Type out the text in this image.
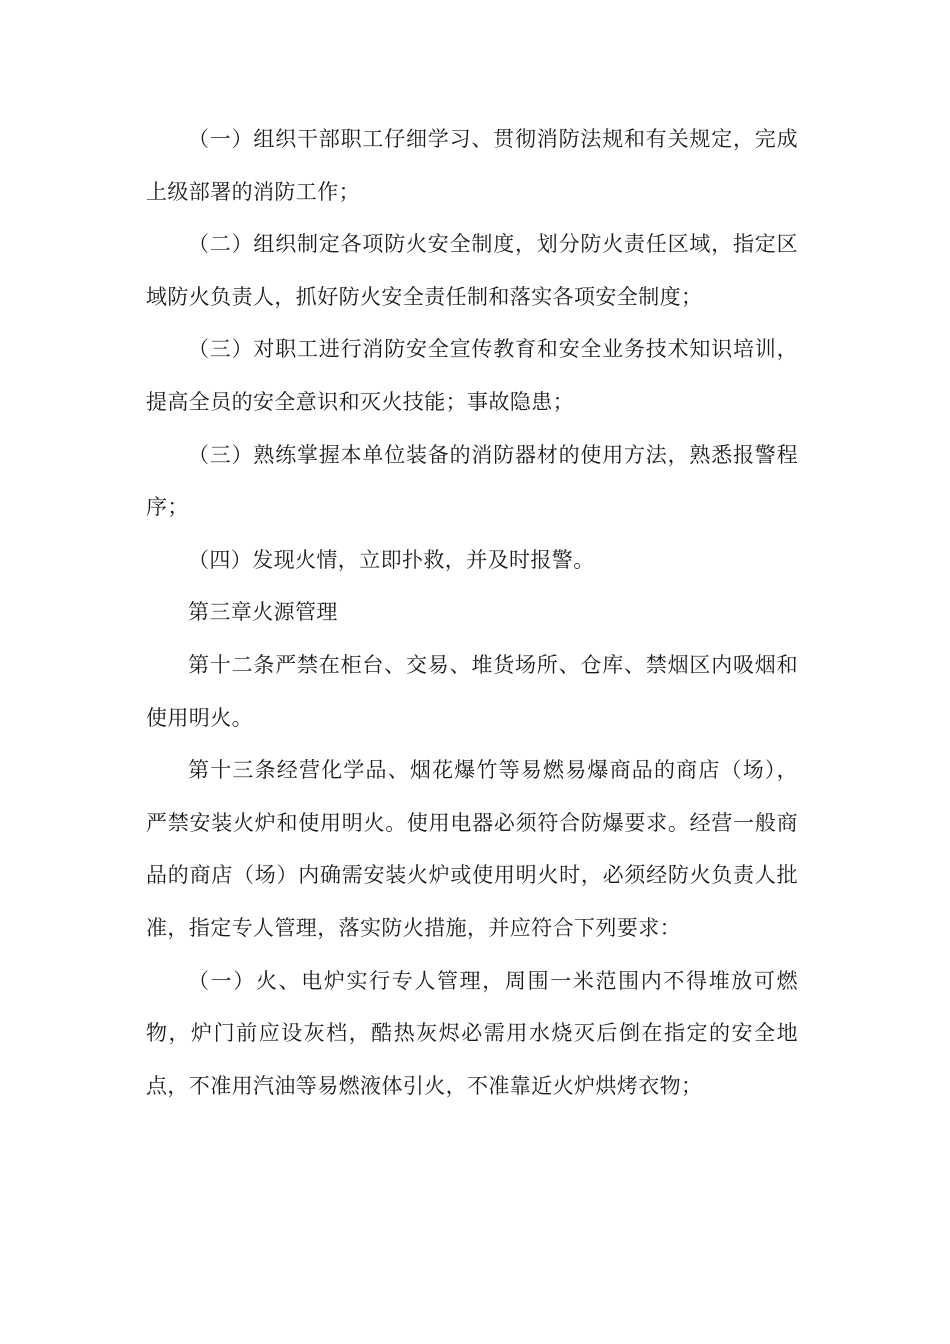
（一）组织干部职工仔细学习、贯彻消防法规和有关规定，完成上级部署的消防工作；

（二）组织制定各项防火安全制度，划分防火责任区域，指定区域防火负责人，抓好防火安全责任制和落实各项安全制度；

（三）对职工进行消防安全宣传教育和安全业务技术知识培训，提高全员的安全意识和灭火技能；事故隐患；

（三）熟练掌握本单位装备的消防器材的使用方法，熟悉报警程序；

（四）发现火情，立即扑救，并及时报警。

第三章火源管理

第十二条严禁在柜台、交易、堆货场所、仓库、禁烟区内吸烟和使用明火。

第十三条经营化学品、烟花爆竹等易燃易爆商品的商店（场），严禁安装火炉和使用明火。使用电器必须符合防爆要求。经营一般商品的商店（场）内确需安装火炉或使用明火时，必须经防火负责人批准，指定专人管理，落实防火措施，并应符合下列要求：

（一）火、电炉实行专人管理，周围一米范围内不得堆放可燃物，炉门前应设灰档，酷热灰烬必需用水烧灭后倒在指定的安全地点，不准用汽油等易燃液体引火，不准靠近火炉烘烤衣物；
